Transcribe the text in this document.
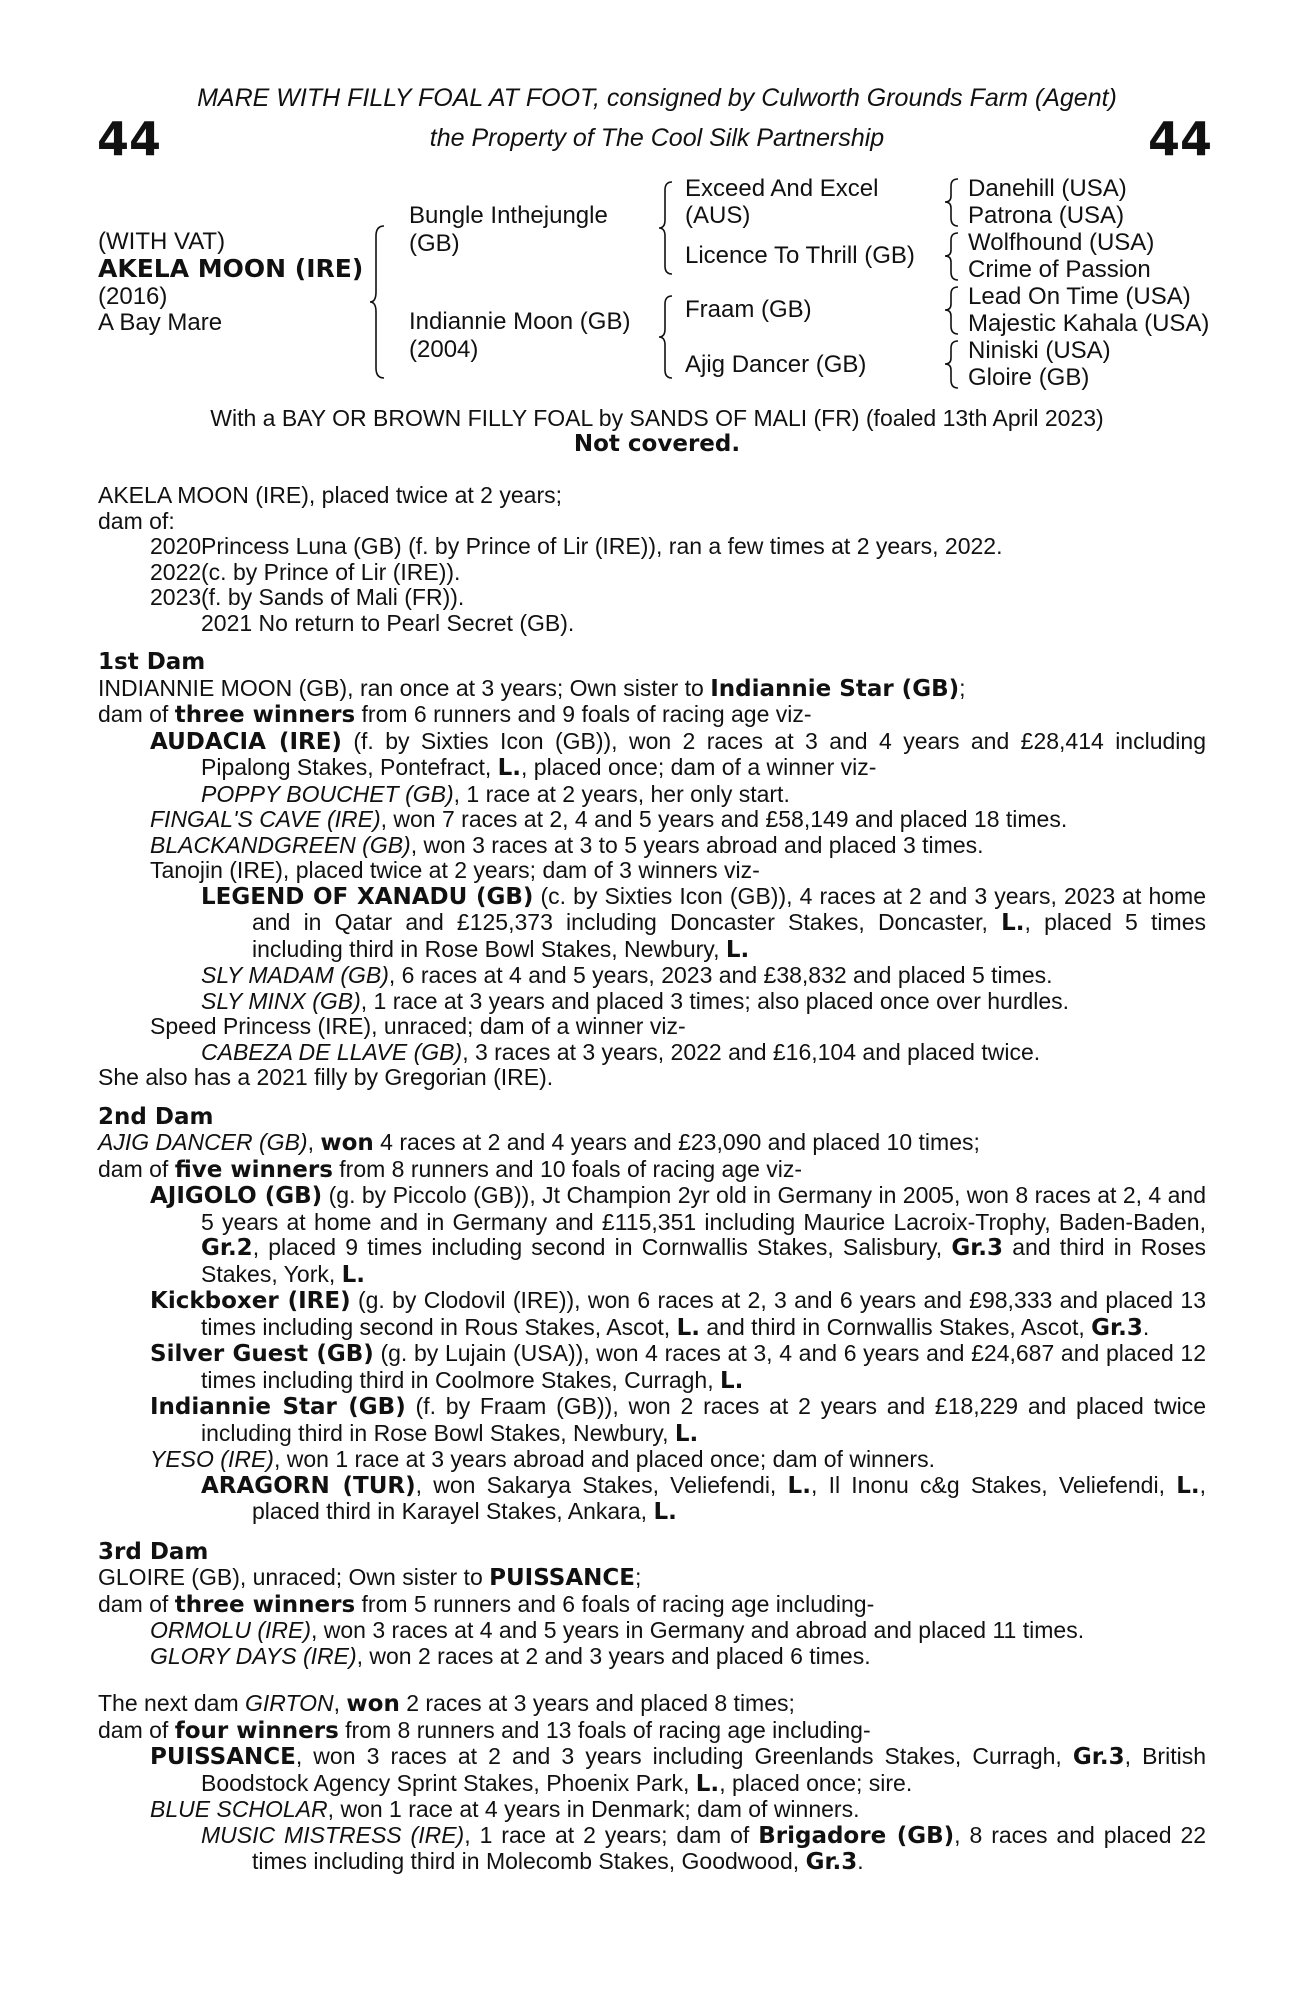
MARE WITH FILLY FOAL AT FOOT, consigned by Culworth Grounds Farm (Agent)
the Property of The Cool Silk Partnership
44	44
(WITH VAT)
AKELA MOON (IRE)
(2016)
A Bay Mare
Bungle Inthejungle
(GB)
Indiannie Moon (GB)
(2004)
Exceed And Excel
(AUS)
Licence To Thrill (GB)
Fraam (GB)
Ajig Dancer (GB)
Danehill (USA)
Patrona (USA)
Wolfhound (USA)
Crime of Passion
Lead On Time (USA)
Majestic Kahala (USA)
Niniski (USA)
Gloire (GB)
With a BAY OR BROWN FILLY FOAL by SANDS OF MALI (FR) (foaled 13th April 2023)
Not covered.

AKELA MOON (IRE), placed twice at 2 years;

dam of:

2020Princess Luna (GB) (f. by Prince of Lir (IRE)), ran a few times at 2 years, 2022.

2022(c. by Prince of Lir (IRE)).

2023(f. by Sands of Mali (FR)).

2021 No return to Pearl Secret (GB).

1st Dam

INDIANNIE MOON (GB), ran once at 3 years; Own sister to Indiannie Star (GB);

dam of three winners from 6 runners and 9 foals of racing age viz-

AUDACIA (IRE) (f. by Sixties Icon (GB)), won 2 races at 3 and 4 years and £28,414 including Pipalong Stakes, Pontefract, L., placed once; dam of a winner viz-

POPPY BOUCHET (GB), 1 race at 2 years, her only start.

FINGAL'S CAVE (IRE), won 7 races at 2, 4 and 5 years and £58,149 and placed 18 times.

BLACKANDGREEN (GB), won 3 races at 3 to 5 years abroad and placed 3 times.

Tanojin (IRE), placed twice at 2 years; dam of 3 winners viz-

LEGEND OF XANADU (GB) (c. by Sixties Icon (GB)), 4 races at 2 and 3 years, 2023 at home and in Qatar and £125,373 including Doncaster Stakes, Doncaster, L., placed 5 times including third in Rose Bowl Stakes, Newbury, L.

SLY MADAM (GB), 6 races at 4 and 5 years, 2023 and £38,832 and placed 5 times.

SLY MINX (GB), 1 race at 3 years and placed 3 times; also placed once over hurdles.

Speed Princess (IRE), unraced; dam of a winner viz-

CABEZA DE LLAVE (GB), 3 races at 3 years, 2022 and £16,104 and placed twice.

She also has a 2021 filly by Gregorian (IRE).

2nd Dam

AJIG DANCER (GB), won 4 races at 2 and 4 years and £23,090 and placed 10 times;

dam of five winners from 8 runners and 10 foals of racing age viz-

AJIGOLO (GB) (g. by Piccolo (GB)), Jt Champion 2yr old in Germany in 2005, won 8 races at 2, 4 and 5 years at home and in Germany and £115,351 including Maurice Lacroix-Trophy, Baden-Baden, Gr.2, placed 9 times including second in Cornwallis Stakes, Salisbury, Gr.3 and third in Roses Stakes, York, L.

Kickboxer (IRE) (g. by Clodovil (IRE)), won 6 races at 2, 3 and 6 years and £98,333 and placed 13 times including second in Rous Stakes, Ascot, L. and third in Cornwallis Stakes, Ascot, Gr.3.

Silver Guest (GB) (g. by Lujain (USA)), won 4 races at 3, 4 and 6 years and £24,687 and placed 12 times including third in Coolmore Stakes, Curragh, L.

Indiannie Star (GB) (f. by Fraam (GB)), won 2 races at 2 years and £18,229 and placed twice including third in Rose Bowl Stakes, Newbury, L.

YESO (IRE), won 1 race at 3 years abroad and placed once; dam of winners.

ARAGORN (TUR), won Sakarya Stakes, Veliefendi, L., Il Inonu c&g Stakes, Veliefendi, L., placed third in Karayel Stakes, Ankara, L.

3rd Dam

GLOIRE (GB), unraced; Own sister to PUISSANCE;

dam of three winners from 5 runners and 6 foals of racing age including-

ORMOLU (IRE), won 3 races at 4 and 5 years in Germany and abroad and placed 11 times.

GLORY DAYS (IRE), won 2 races at 2 and 3 years and placed 6 times.

The next dam GIRTON, won 2 races at 3 years and placed 8 times;

dam of four winners from 8 runners and 13 foals of racing age including-

PUISSANCE, won 3 races at 2 and 3 years including Greenlands Stakes, Curragh, Gr.3, British Boodstock Agency Sprint Stakes, Phoenix Park, L., placed once; sire.

BLUE SCHOLAR, won 1 race at 4 years in Denmark; dam of winners.

MUSIC MISTRESS (IRE), 1 race at 2 years; dam of Brigadore (GB), 8 races and placed 22 times including third in Molecomb Stakes, Goodwood, Gr.3.
